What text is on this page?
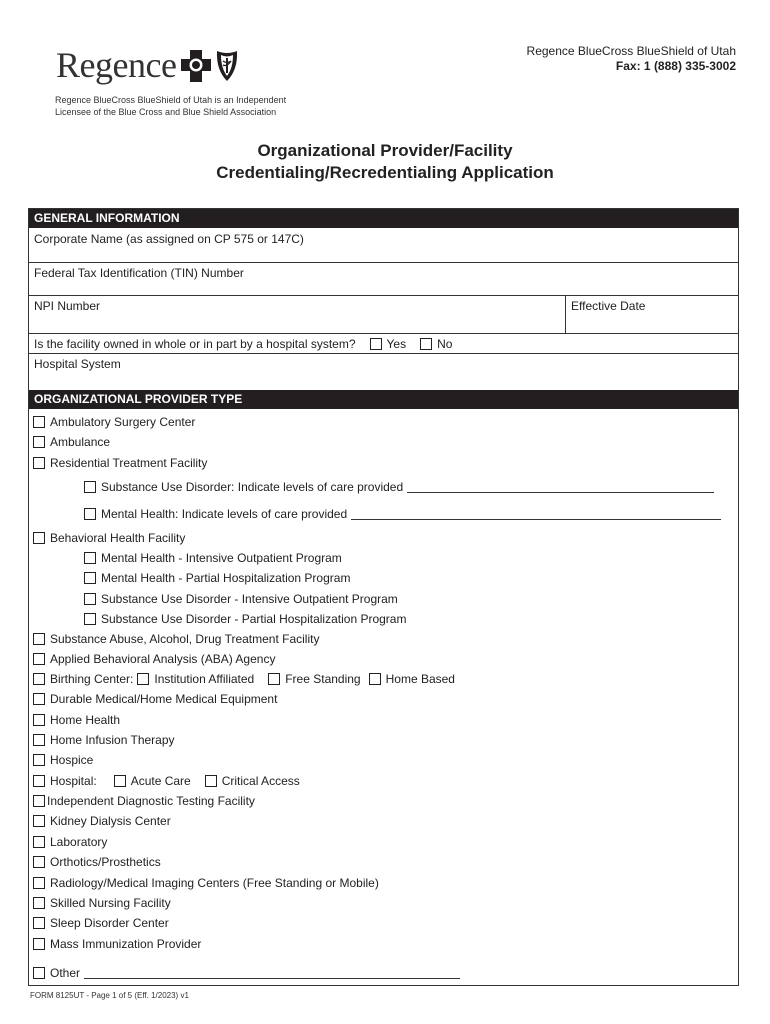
Regence
Regence BlueCross BlueShield of Utah is an Independent
Licensee of the Blue Cross and Blue Shield Association
Regence BlueCross BlueShield of Utah
Fax: 1 (888) 335-3002
Organizational Provider/Facility
Credentialing/Recredentialing Application
GENERAL INFORMATION
Corporate Name (as assigned on CP 575 or 147C)
Federal Tax Identification (TIN) Number
NPI Number	Effective Date
Is the facility owned in whole or in part by a hospital system?	Yes	No
Hospital System
ORGANIZATIONAL PROVIDER TYPE
Ambulatory Surgery Center
Ambulance
Residential Treatment Facility
Substance Use Disorder: Indicate levels of care provided
Mental Health: Indicate levels of care provided
Behavioral Health Facility
Mental Health - Intensive Outpatient Program
Mental Health - Partial Hospitalization Program
Substance Use Disorder - Intensive Outpatient Program
Substance Use Disorder - Partial Hospitalization Program
Substance Abuse, Alcohol, Drug Treatment Facility
Applied Behavioral Analysis (ABA) Agency
Birthing Center: Institution Affiliated	Free Standing Home Based
Durable Medical/Home Medical Equipment
Home Health
Home Infusion Therapy
Hospice
Hospital:	Acute Care	Critical Access
Independent Diagnostic Testing Facility
Kidney Dialysis Center
Laboratory
Orthotics/Prosthetics
Radiology/Medical Imaging Centers (Free Standing or Mobile)
Skilled Nursing Facility
Sleep Disorder Center
Mass Immunization Provider
Other
FORM 8125UT - Page 1 of 5 (Eff. 1/2023) v1
